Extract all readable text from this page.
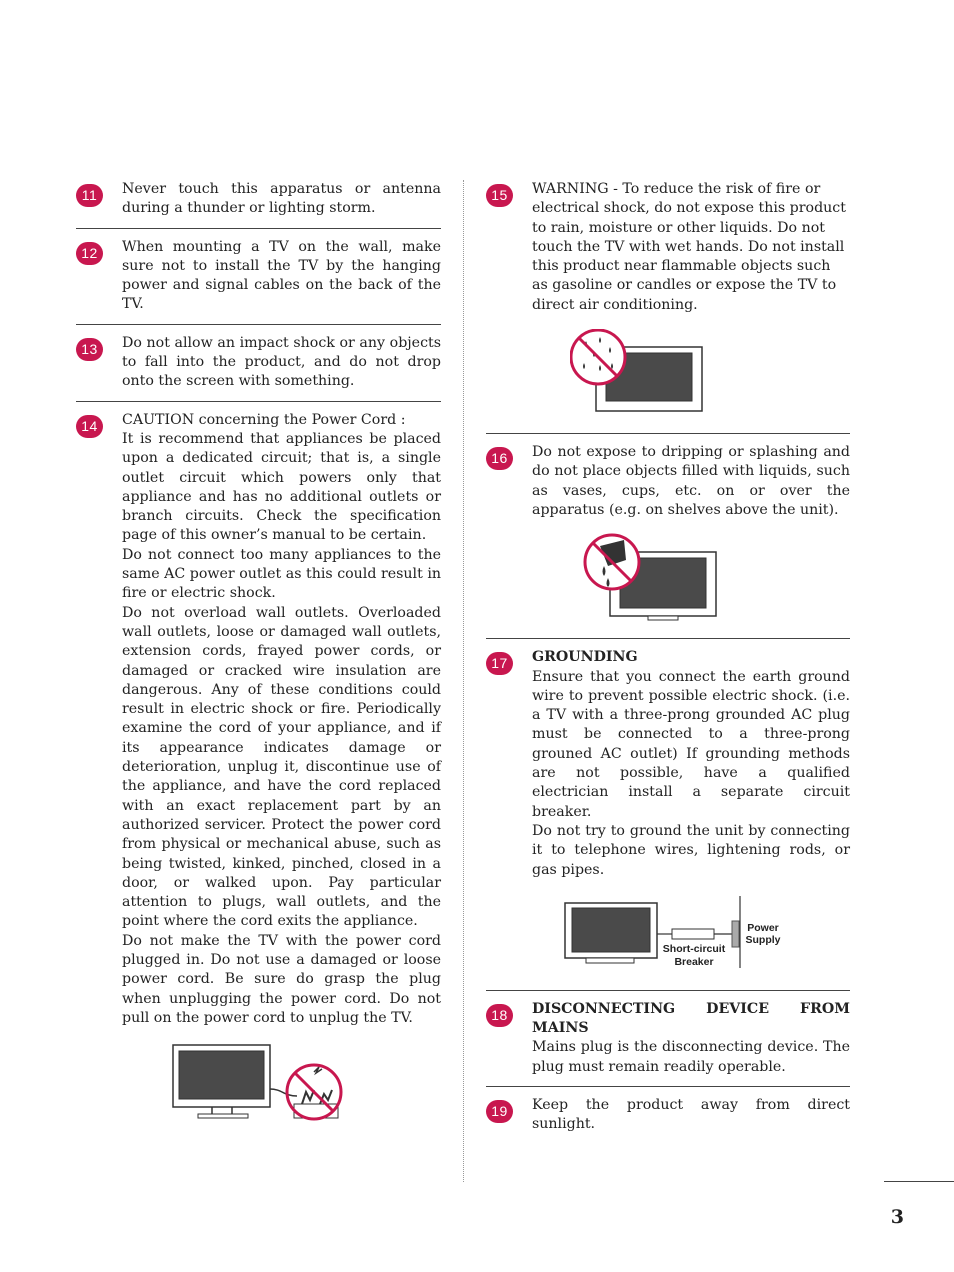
11	Never touch this apparatus or antenna during a thunder or lighting storm.

12	When mounting a TV on the wall, make sure not to install the TV by the hanging power and signal cables on the back of the TV.

13	Do not allow an impact shock or any objects to fall into the product, and do not drop onto the screen with something.

14	CAUTION concerning the Power Cord :

It is recommend that appliances be placed upon a dedicated circuit; that is, a single outlet circuit which powers only that appliance and has no additional outlets or branch circuits. Check the specification page of this owner’s manual to be certain.

Do not connect too many appliances to the same AC power outlet as this could result in fire or electric shock.

Do not overload wall outlets. Overloaded wall outlets, loose or damaged wall outlets, extension cords, frayed power cords, or damaged or cracked wire insulation are dangerous. Any of these conditions could result in electric shock or fire. Periodically examine the cord of your appliance, and if its appearance indicates damage or deterioration, unplug it, discontinue use of the appliance, and have the cord replaced with an exact replacement part by an authorized servicer. Protect the power cord from physical or mechanical abuse, such as being twisted, kinked, pinched, closed in a door, or walked upon. Pay particular attention to plugs, wall outlets, and the point where the cord exits the appliance.

Do not make the TV with the power cord plugged in. Do not use a damaged or loose power cord. Be sure do grasp the plug when unplugging the power cord. Do not pull on the power cord to unplug the TV.

15	WARNING - To reduce the risk of fire or electrical shock, do not expose this product to rain, moisture or other liquids. Do not touch the TV with wet hands. Do not install this product near flammable objects such as gasoline or candles or expose the TV to direct air conditioning.

16	Do not expose to dripping or splashing and do not place objects filled with liquids, such as vases, cups, etc. on or over the apparatus (e.g. on shelves above the unit).

17	GROUNDING

Ensure that you connect the earth ground wire to prevent possible electric shock. (i.e. a TV with a three-prong grounded AC plug must be connected to a three-prong grouned AC outlet) If grounding methods are not possible, have a qualified electrician install a separate circuit breaker.

Do not try to ground the unit by connecting it to telephone wires, lightening rods, or gas pipes.

Short-circuit
Breaker
Power
Supply
18	DISCONNECTING DEVICE FROM MAINS

Mains plug is the disconnecting device. The plug must remain readily operable.

19	Keep the product away from direct sunlight.

3
